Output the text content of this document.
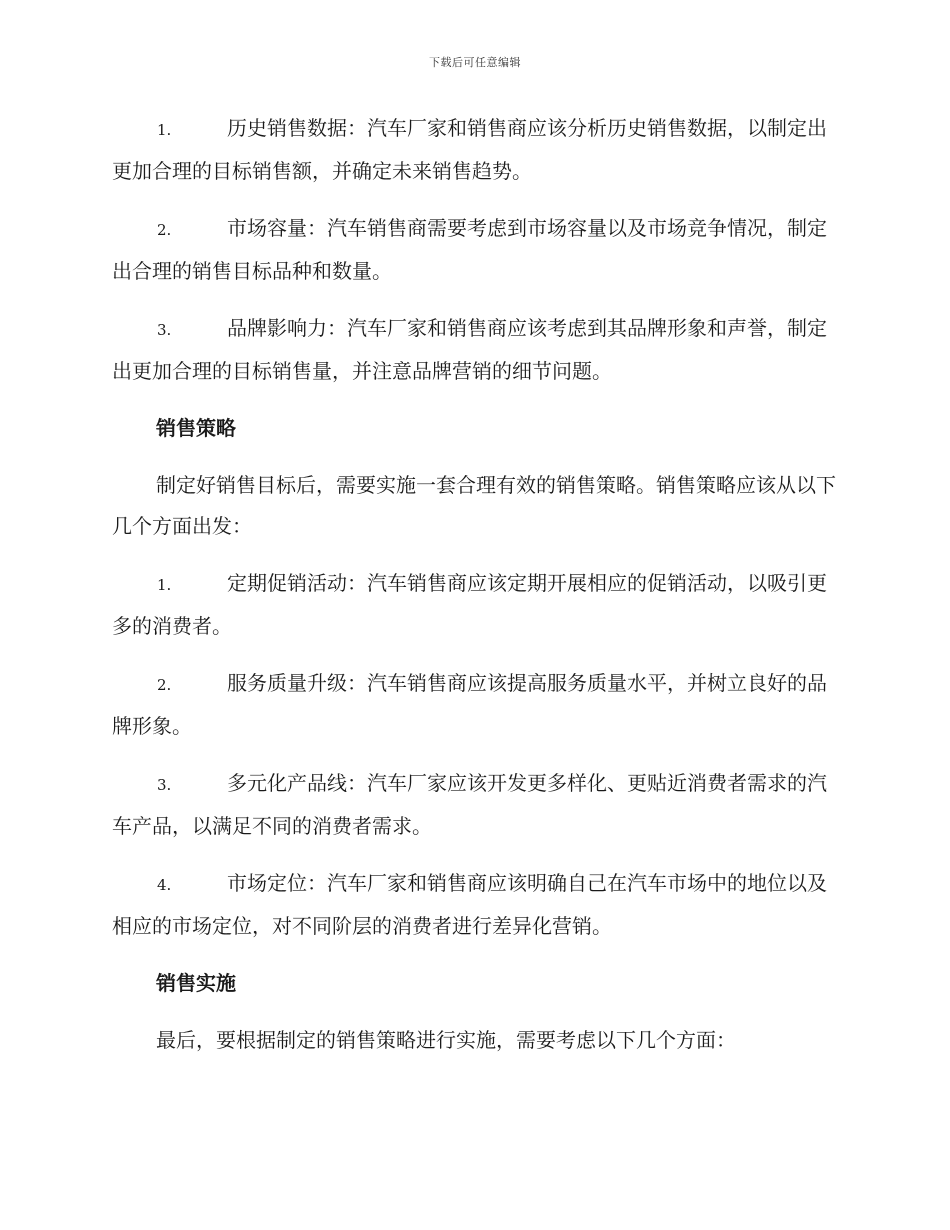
下载后可任意编辑

1.	历史销售数据：汽车厂家和销售商应该分析历史销售数据，以制定出更加合理的目标销售额，并确定未来销售趋势。

2.	市场容量：汽车销售商需要考虑到市场容量以及市场竞争情况，制定出合理的销售目标品种和数量。

3.	品牌影响力：汽车厂家和销售商应该考虑到其品牌形象和声誉，制定出更加合理的目标销售量，并注意品牌营销的细节问题。

销售策略

制定好销售目标后，需要实施一套合理有效的销售策略。销售策略应该从以下几个方面出发：

1.	定期促销活动：汽车销售商应该定期开展相应的促销活动，以吸引更多的消费者。

2.	服务质量升级：汽车销售商应该提高服务质量水平，并树立良好的品牌形象。

3.	多元化产品线：汽车厂家应该开发更多样化、更贴近消费者需求的汽车产品，以满足不同的消费者需求。

4.	市场定位：汽车厂家和销售商应该明确自己在汽车市场中的地位以及相应的市场定位，对不同阶层的消费者进行差异化营销。

销售实施

最后，要根据制定的销售策略进行实施，需要考虑以下几个方面：
